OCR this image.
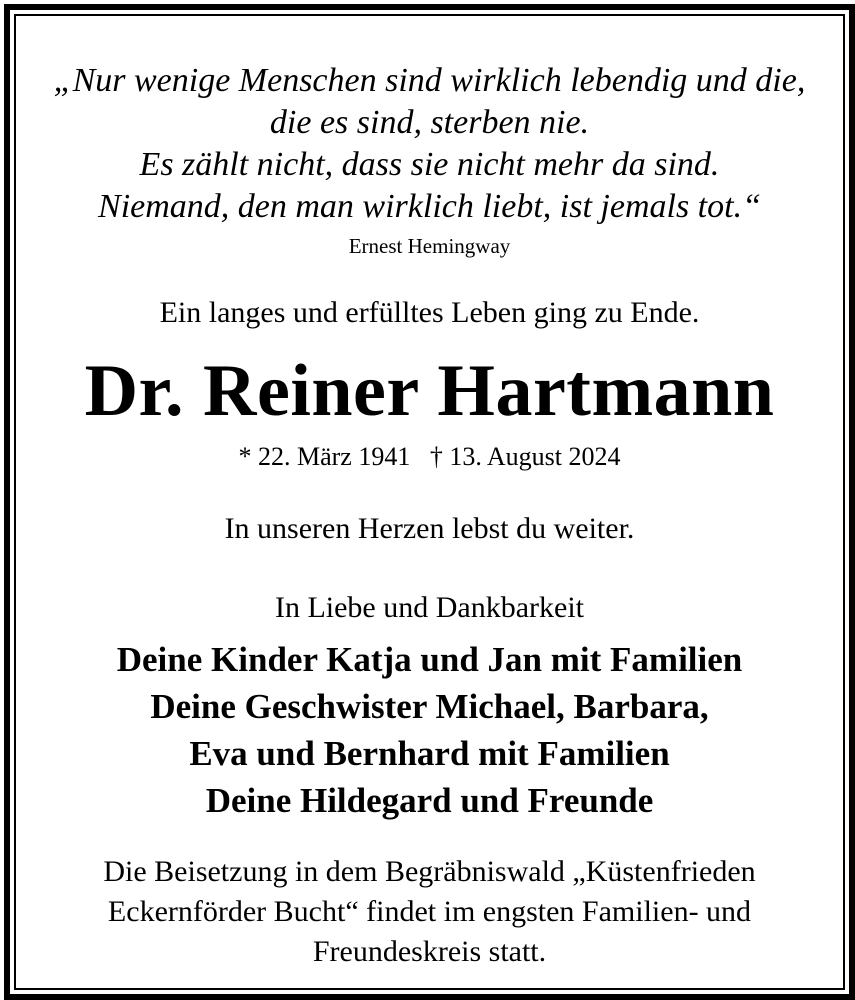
„Nur wenige Menschen sind wirklich lebendig und die,
die es sind, sterben nie.
Es zählt nicht, dass sie nicht mehr da sind.
Niemand, den man wirklich liebt, ist jemals tot.“
Ernest Hemingway
Ein langes und erfülltes Leben ging zu Ende.
Dr. Reiner Hartmann
* 22. März 1941 † 13. August 2024
In unseren Herzen lebst du weiter.
In Liebe und Dankbarkeit
Deine Kinder Katja und Jan mit Familien
Deine Geschwister Michael, Barbara,
Eva und Bernhard mit Familien
Deine Hildegard und Freunde
Die Beisetzung in dem Begräbniswald „Küstenfrieden
Eckernförder Bucht“ findet im engsten Familien- und
Freundeskreis statt.
